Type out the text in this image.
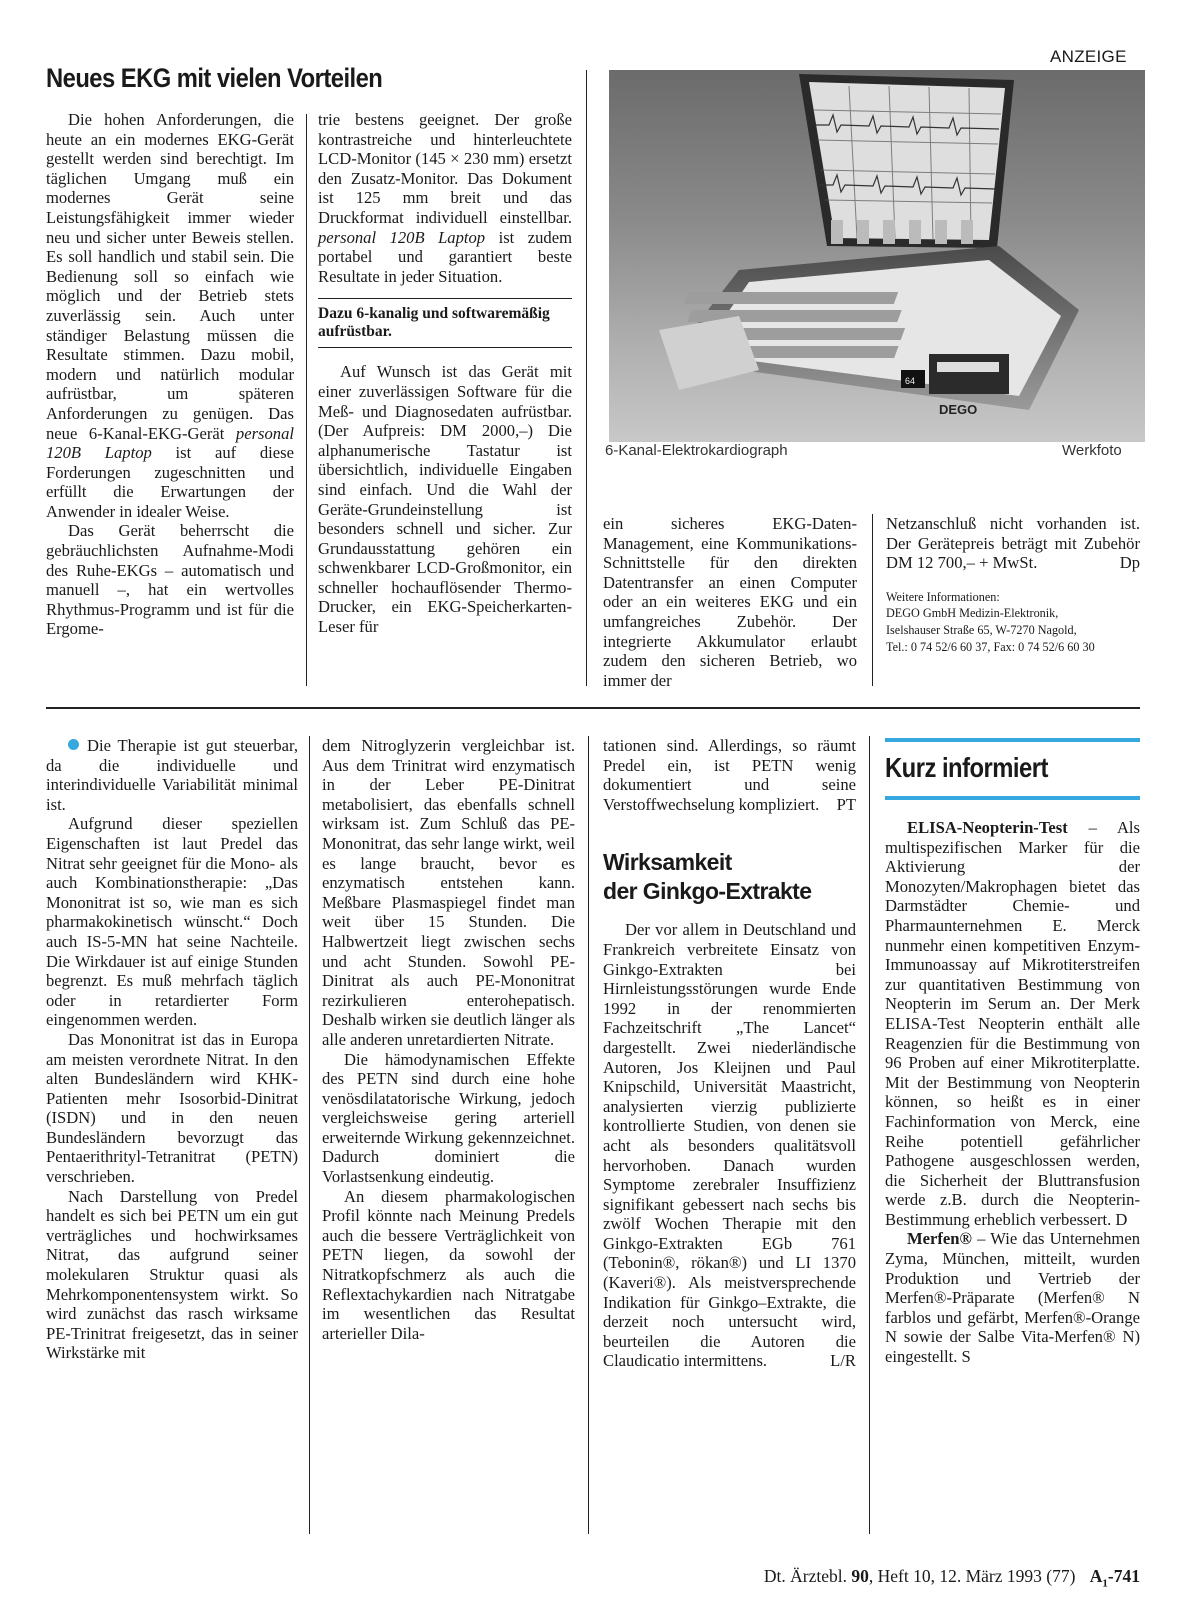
ANZEIGE
Neues EKG mit vielen Vorteilen

Die hohen Anforderungen, die heute an ein modernes EKG-Gerät gestellt werden sind berechtigt. Im täglichen Umgang muß ein modernes Gerät seine Leistungsfähigkeit immer wieder neu und sicher unter Beweis stellen. Es soll handlich und stabil sein. Die Bedienung soll so einfach wie möglich und der Betrieb stets zuverlässig sein. Auch unter ständiger Belastung müssen die Resultate stimmen. Dazu mobil, modern und natürlich modular aufrüstbar, um späteren Anforderungen zu genügen. Das neue 6-Kanal-EKG-Gerät personal 120B Laptop ist auf diese Forderungen zugeschnitten und erfüllt die Erwartungen der Anwender in idealer Weise.

Das Gerät beherrscht die gebräuchlichsten Aufnahme-Modi des Ruhe-EKGs – automatisch und manuell –, hat ein wertvolles Rhythmus-Programm und ist für die Ergome-

trie bestens geeignet. Der große kontrastreiche und hinterleuchtete LCD-Monitor (145 × 230 mm) ersetzt den Zusatz-Monitor. Das Dokument ist 125 mm breit und das Druckformat individuell einstellbar. personal 120B Laptop ist zudem portabel und garantiert beste Resultate in jeder Situation.

Dazu 6-kanalig und softwaremäßig aufrüstbar.

Auf Wunsch ist das Gerät mit einer zuverlässigen Software für die Meß- und Diagnosedaten aufrüstbar. (Der Aufpreis: DM 2000,–) Die alphanumerische Tastatur ist übersichtlich, individuelle Eingaben sind einfach. Und die Wahl der Geräte-Grundeinstellung ist besonders schnell und sicher. Zur Grundausstattung gehören ein schwenkbarer LCD-Großmonitor, ein schneller hochauflösender Thermo-Drucker, ein EKG-Speicherkarten-Leser für

64
DEGO
6-Kanal-Elektrokardiograph	Werkfoto

ein sicheres EKG-Daten-Management, eine Kommunikations-Schnittstelle für den direkten Datentransfer an einen Computer oder an ein weiteres EKG und ein umfangreiches Zubehör. Der integrierte Akkumulator erlaubt zudem den sicheren Betrieb, wo immer der

Netzanschluß nicht vorhanden ist. Der Gerätepreis beträgt mit Zubehör DM 12 700,– + MwSt.	Dp

Weitere Informationen:
DEGO GmbH Medizin-Elektronik,
Iselshauser Straße 65, W-7270 Nagold,
Tel.: 0 74 52/6 60 37, Fax: 0 74 52/6 60 30

Die Therapie ist gut steuerbar, da die individuelle und interindividuelle Variabilität minimal ist.

Aufgrund dieser speziellen Eigenschaften ist laut Predel das Nitrat sehr geeignet für die Mono- als auch Kombinationstherapie: „Das Mononitrat ist so, wie man es sich pharmakokinetisch wünscht.“ Doch auch IS-5-MN hat seine Nachteile. Die Wirkdauer ist auf einige Stunden begrenzt. Es muß mehrfach täglich oder in retardierter Form eingenommen werden.

Das Mononitrat ist das in Europa am meisten verordnete Nitrat. In den alten Bundesländern wird KHK-Patienten mehr Isosorbid-Dinitrat (ISDN) und in den neuen Bundesländern bevorzugt das Pentaerithrityl-Tetranitrat (PETN) verschrieben.

Nach Darstellung von Predel handelt es sich bei PETN um ein gut verträgliches und hochwirksames Nitrat, das aufgrund seiner molekularen Struktur quasi als Mehrkomponentensystem wirkt. So wird zunächst das rasch wirksame PE-Trinitrat freigesetzt, das in seiner Wirkstärke mit

dem Nitroglyzerin vergleichbar ist. Aus dem Trinitrat wird enzymatisch in der Leber PE-Dinitrat metabolisiert, das ebenfalls schnell wirksam ist. Zum Schluß das PE-Mononitrat, das sehr lange wirkt, weil es lange braucht, bevor es enzymatisch entstehen kann. Meßbare Plasmaspiegel findet man weit über 15 Stunden. Die Halbwertzeit liegt zwischen sechs und acht Stunden. Sowohl PE-Dinitrat als auch PE-Mononitrat rezirkulieren enterohepatisch. Deshalb wirken sie deutlich länger als alle anderen unretardierten Nitrate.

Die hämodynamischen Effekte des PETN sind durch eine hohe venösdilatatorische Wirkung, jedoch vergleichsweise gering arteriell erweiternde Wirkung gekennzeichnet. Dadurch dominiert die Vorlastsenkung eindeutig.

An diesem pharmakologischen Profil könnte nach Meinung Predels auch die bessere Verträglichkeit von PETN liegen, da sowohl der Nitratkopfschmerz als auch die Reflextachykardien nach Nitratgabe im wesentlichen das Resultat arterieller Dila-

tationen sind. Allerdings, so räumt Predel ein, ist PETN wenig dokumentiert und seine Verstoffwechselung kompliziert. PT

Wirksamkeit
der Ginkgo-Extrakte

Der vor allem in Deutschland und Frankreich verbreitete Einsatz von Ginkgo-Extrakten bei Hirnleistungsstörungen wurde Ende 1992 in der renommierten Fachzeitschrift „The Lancet“ dargestellt. Zwei niederländische Autoren, Jos Kleijnen und Paul Knipschild, Universität Maastricht, analysierten vierzig publizierte kontrollierte Studien, von denen sie acht als besonders qualitätsvoll hervorhoben. Danach wurden Symptome zerebraler Insuffizienz signifikant gebessert nach sechs bis zwölf Wochen Therapie mit den Ginkgo-Extrakten EGb 761 (Tebonin®, rökan®) und LI 1370 (Kaveri®). Als meistversprechende Indikation für Ginkgo–Extrakte, die derzeit noch untersucht wird, beurteilen die Autoren die Claudicatio intermittens.	L/R

Kurz informiert

ELISA-Neopterin-Test – Als multispezifischen Marker für die Aktivierung der Monozyten/Makrophagen bietet das Darmstädter Chemie- und Pharmaunternehmen E. Merck nunmehr einen kompetitiven Enzym-Immunoassay auf Mikrotiterstreifen zur quantitativen Bestimmung von Neopterin im Serum an. Der Merk ELISA-Test Neopterin enthält alle Reagenzien für die Bestimmung von 96 Proben auf einer Mikrotiterplatte. Mit der Bestimmung von Neopterin können, so heißt es in einer Fachinformation von Merck, eine Reihe potentiell gefährlicher Pathogene ausgeschlossen werden, die Sicherheit der Bluttransfusion werde z.B. durch die Neopterin-Bestimmung erheblich verbessert. D

Merfen® – Wie das Unternehmen Zyma, München, mitteilt, wurden Produktion und Vertrieb der Merfen®-Präparate (Merfen® N farblos und gefärbt, Merfen®-Orange N sowie der Salbe Vita-Merfen® N) eingestellt. S

Dt. Ärztebl. 90, Heft 10, 12. März 1993 (77) $A_1-741$
